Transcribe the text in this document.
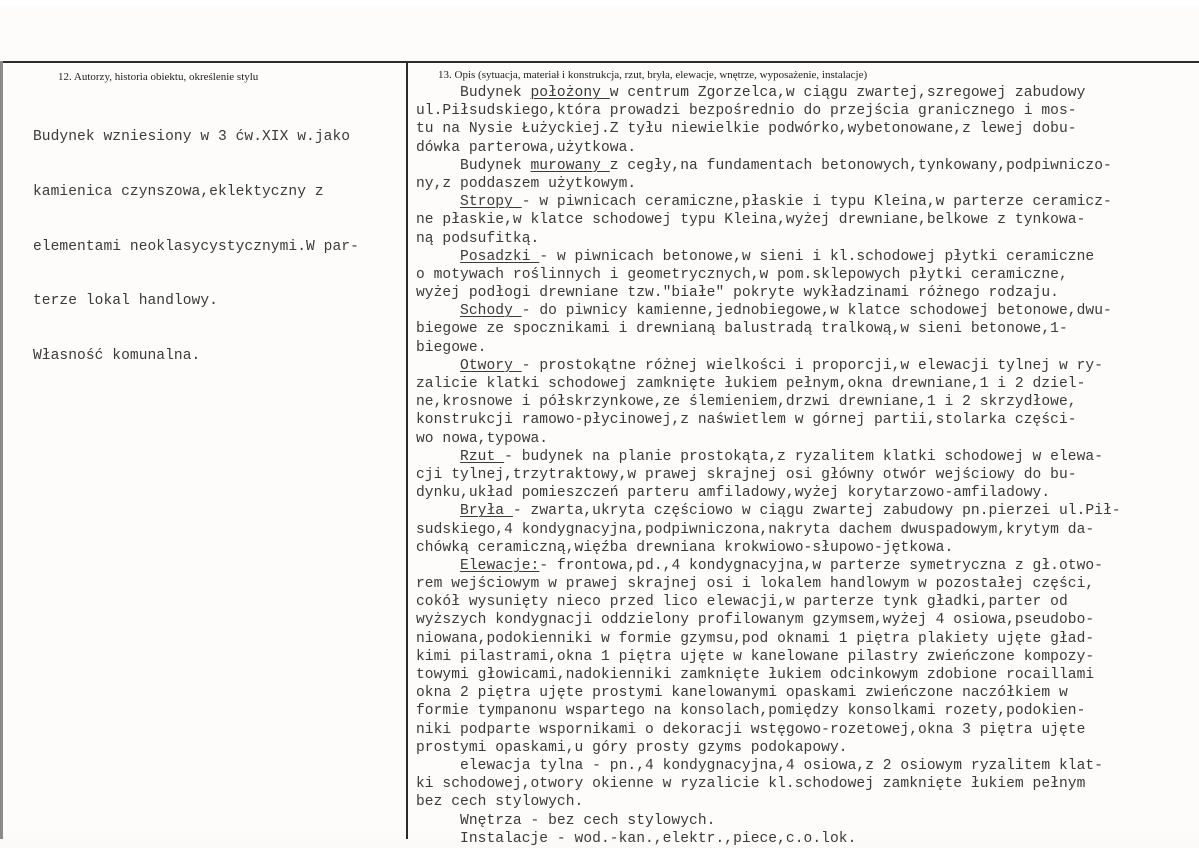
12. Autorzy, historia obiektu, określenie stylu	13. Opis (sytuacja, materiał i konstrukcja, rzut, bryła, elewacje, wnętrze, wyposażenie, instalacje)

Budynek wzniesiony w 3 ćw.XIX w.jako

kamienica czynszowa,eklektyczny z

elementami neoklasycystycznymi.W par-

terze lokal handlowy.

Własność komunalna.

Budynek położony w centrum Zgorzelca,w ciągu zwartej,szregowej zabudowy
ul.Piłsudskiego,która prowadzi bezpośrednio do przejścia granicznego i mos-
tu na Nysie Łużyckiej.Z tyłu niewielkie podwórko,wybetonowane,z lewej dobu-
dówka parterowa,użytkowa.
Budynek murowany z cegły,na fundamentach betonowych,tynkowany,podpiwniczo-
ny,z poddaszem użytkowym.
Stropy - w piwnicach ceramiczne,płaskie i typu Kleina,w parterze ceramicz-
ne płaskie,w klatce schodowej typu Kleina,wyżej drewniane,belkowe z tynkowa-
ną podsufitką.
Posadzki - w piwnicach betonowe,w sieni i kl.schodowej płytki ceramiczne
o motywach roślinnych i geometrycznych,w pom.sklepowych płytki ceramiczne,
wyżej podłogi drewniane tzw."białe" pokryte wykładzinami różnego rodzaju.
Schody - do piwnicy kamienne,jednobiegowe,w klatce schodowej betonowe,dwu-
biegowe ze spocznikami i drewnianą balustradą tralkową,w sieni betonowe,1-
biegowe.
Otwory - prostokątne różnej wielkości i proporcji,w elewacji tylnej w ry-
zalicie klatki schodowej zamknięte łukiem pełnym,okna drewniane,1 i 2 dziel-
ne,krosnowe i półskrzynkowe,ze ślemieniem,drzwi drewniane,1 i 2 skrzydłowe,
konstrukcji ramowo-płycinowej,z naświetlem w górnej partii,stolarka części-
wo nowa,typowa.
Rzut - budynek na planie prostokąta,z ryzalitem klatki schodowej w elewa-
cji tylnej,trzytraktowy,w prawej skrajnej osi główny otwór wejściowy do bu-
dynku,układ pomieszczeń parteru amfiladowy,wyżej korytarzowo-amfiladowy.
Bryła - zwarta,ukryta częściowo w ciągu zwartej zabudowy pn.pierzei ul.Pił-
sudskiego,4 kondygnacyjna,podpiwniczona,nakryta dachem dwuspadowym,krytym da-
chówką ceramiczną,więźba drewniana krokwiowo-słupowo-jętkowa.
Elewacje:- frontowa,pd.,4 kondygnacyjna,w parterze symetryczna z gł.otwo-
rem wejściowym w prawej skrajnej osi i lokalem handlowym w pozostałej części,
cokół wysunięty nieco przed lico elewacji,w parterze tynk gładki,parter od
wyższych kondygnacji oddzielony profilowanym gzymsem,wyżej 4 osiowa,pseudobo-
niowana,podokienniki w formie gzymsu,pod oknami 1 piętra plakiety ujęte gład-
kimi pilastrami,okna 1 piętra ujęte w kanelowane pilastry zwieńczone kompozy-
towymi głowicami,nadokienniki zamknięte łukiem odcinkowym zdobione rocaillami
okna 2 piętra ujęte prostymi kanelowanymi opaskami zwieńczone naczółkiem w
formie tympanonu wspartego na konsolach,pomiędzy konsolkami rozety,podokien-
niki podparte wspornikami o dekoracji wstęgowo-rozetowej,okna 3 piętra ujęte
prostymi opaskami,u góry prosty gzyms podokapowy.
elewacja tylna - pn.,4 kondygnacyjna,4 osiowa,z 2 osiowym ryzalitem klat-
ki schodowej,otwory okienne w ryzalicie kl.schodowej zamknięte łukiem pełnym
bez cech stylowych.
Wnętrza - bez cech stylowych.
Instalacje - wod.-kan.,elektr.,piece,c.o.lok.
